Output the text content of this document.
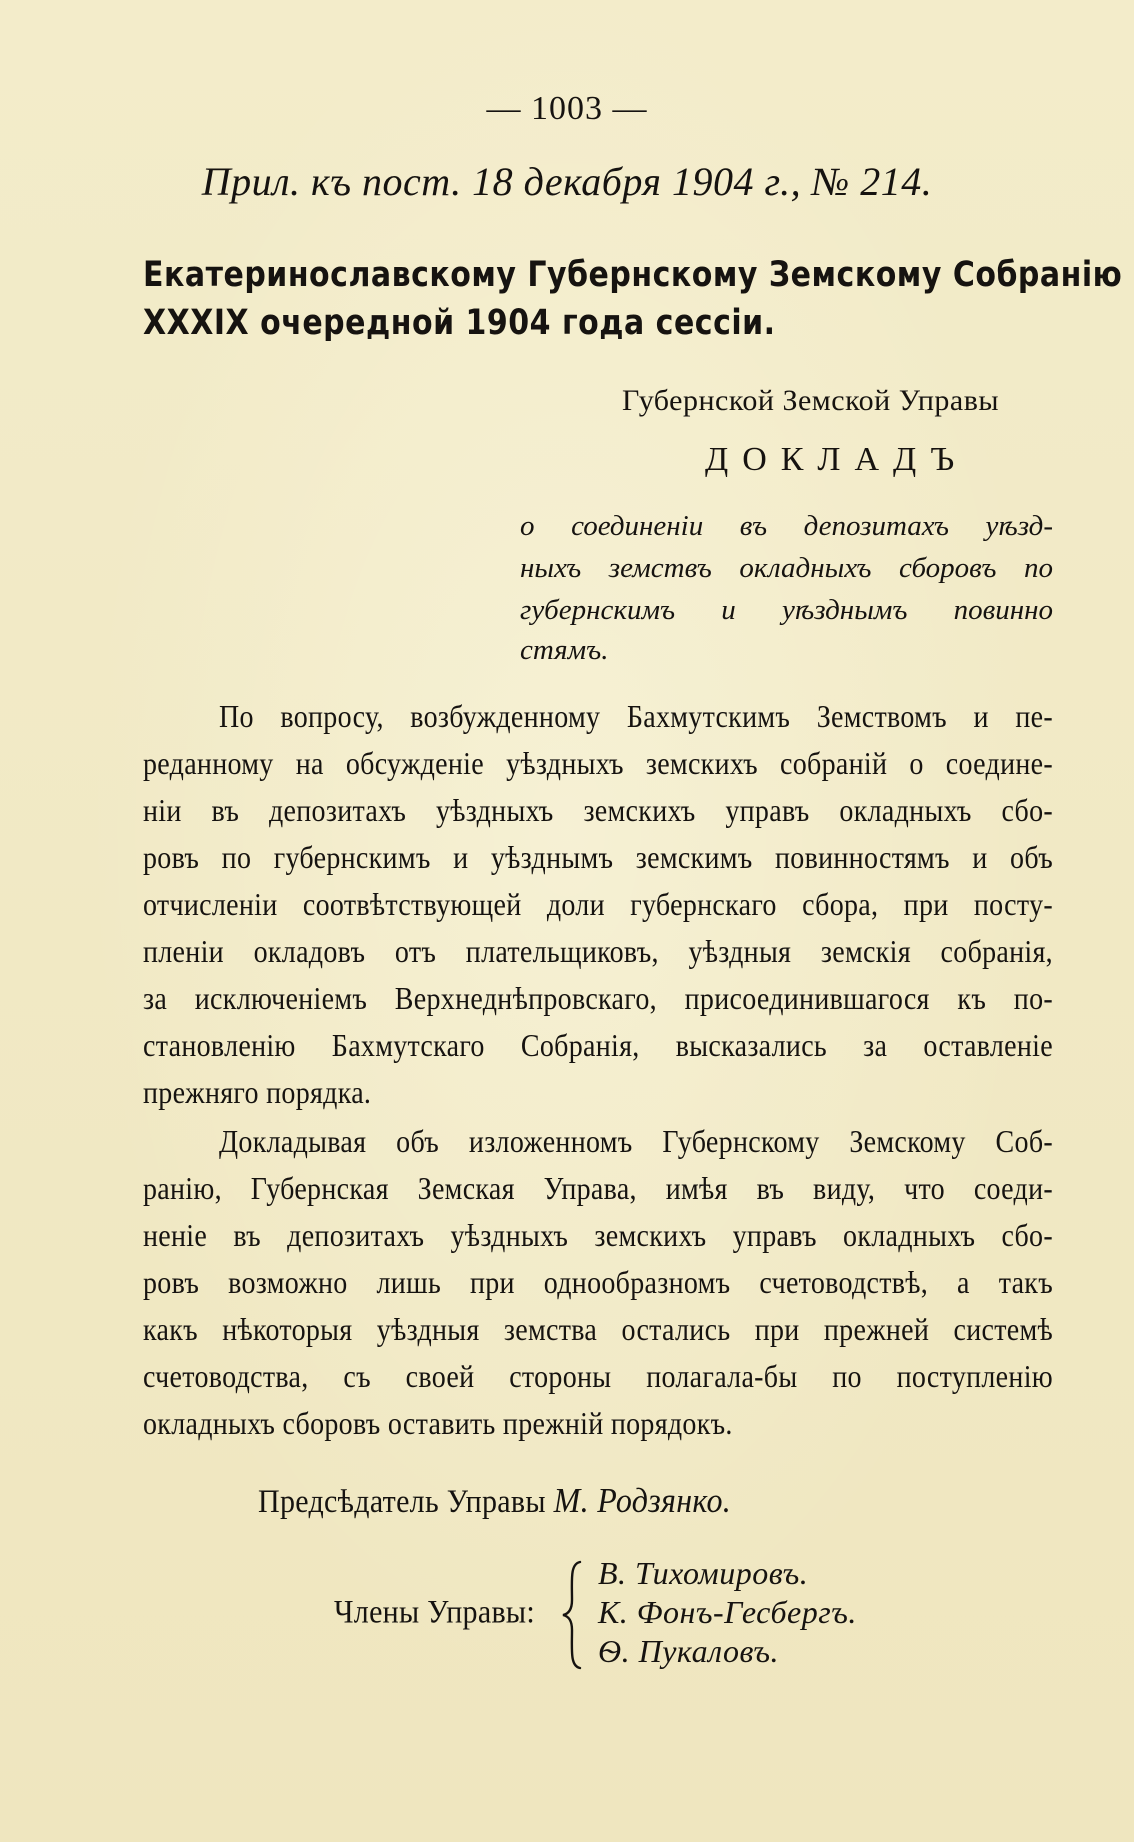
— 1003 —
Прил. къ пост. 18 декабря 1904 г., № 214.
Екатеринославскому Губернскому Земскому Собранію
XXXIX очередной 1904 года сессіи.
Губернской Земской Управы
ДОКЛАДЪ
о соединеніи въ депозитахъ уѣзд-
ныхъ земствъ окладныхъ сборовъ по
губернскимъ и уѣзднымъ повинно
стямъ.
По вопросу, возбужденному Бахмутскимъ Земствомъ и пе-
реданному на обсужденіе уѣздныхъ земскихъ собраній о соедине-
ніи въ депозитахъ уѣздныхъ земскихъ управъ окладныхъ сбо-
ровъ по губернскимъ и уѣзднымъ земскимъ повинностямъ и объ
отчисленіи соотвѣтствующей доли губернскаго сбора, при посту-
пленіи окладовъ отъ плательщиковъ, уѣздныя земскія собранія,
за исключеніемъ Верхнеднѣпровскаго, присоединившагося къ по-
становленію Бахмутскаго Собранія, высказались за оставленіе
прежняго порядка.
Докладывая объ изложенномъ Губернскому Земскому Соб-
ранію, Губернская Земская Управа, имѣя въ виду, что соеди-
неніе въ депозитахъ уѣздныхъ земскихъ управъ окладныхъ сбо-
ровъ возможно лишь при однообразномъ счетоводствѣ, а такъ
какъ нѣкоторыя уѣздныя земства остались при прежней системѣ
счетоводства, съ своей стороны полагала-бы по поступленію
окладныхъ сборовъ оставить прежній порядокъ.
Предсѣдатель Управы М. Родзянко.
Члены Управы:
В. Тихомировъ.
К. Фонъ-Гесбергъ.
Ѳ. Пукаловъ.
